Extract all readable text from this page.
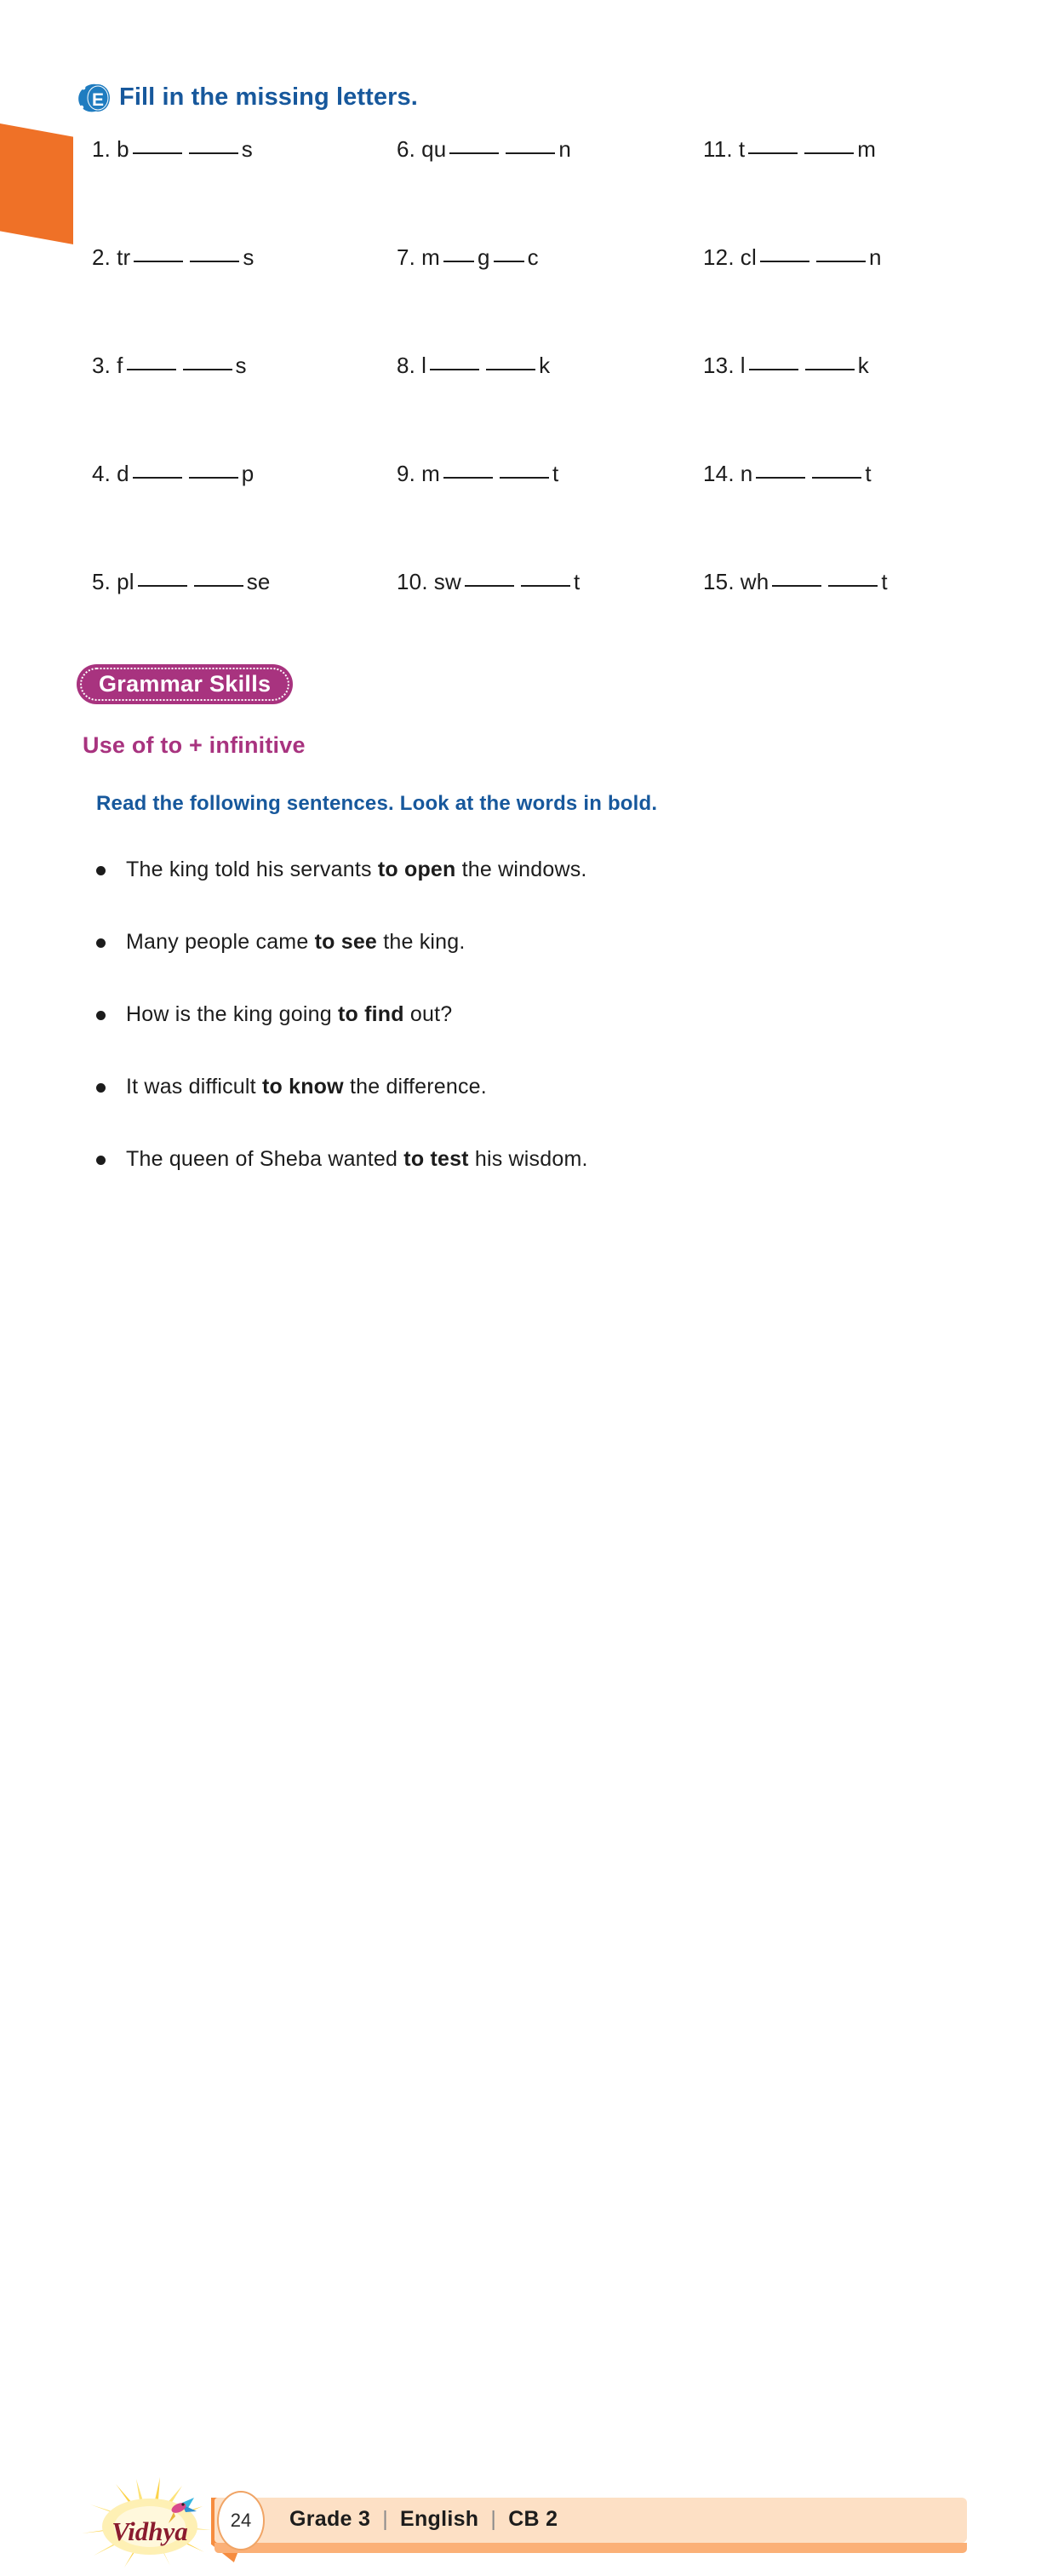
E Fill in the missing letters.
1. b	s	6. qu	n	11. t	m
2. tr	s	7. m g c	12. cl	n
3. f	s	8. l	k	13. l	k
4. d	p	9. m	t	14. n	t
5. pl	se	10. sw	t	15. wh	t
Grammar Skills
Use of to + infinitive
Read the following sentences. Look at the words in bold.
The king told his servants to open the windows.
Many people came to see the king.
How is the king going to find out?
It was difficult to know the difference.
The queen of Sheba wanted to test his wisdom.
Vidhya 24 Grade 3 | English | CB 2
